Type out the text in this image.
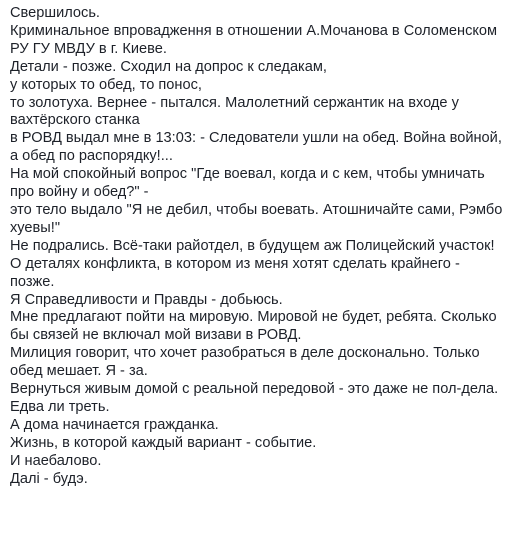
Свершилось.
Криминальное впровадження в отношении А.Мочанова в Соломенском
РУ ГУ МВДУ в г. Киеве.
Детали - позже. Сходил на допрос к следакам,
у которых то обед, то понос,
то золотуха. Вернее - пытался. Малолетний сержантик на входе у
вахтёрского станка
в РОВД выдал мне в 13:03: - Следователи ушли на обед. Война войной,
а обед по распорядку!...
На мой спокойный вопрос "Где воевал, когда и с кем, чтобы умничать
про войну и обед?" -
это тело выдало "Я не дебил, чтобы воевать. Атошничайте сами, Рэмбо
хуевы!"
Не подрались. Всё-таки райотдел, в будущем аж Полицейский участок!
О деталях конфликта, в котором из меня хотят сделать крайнего -
позже.
Я Справедливости и Правды - добьюсь.
Мне предлагают пойти на мировую. Мировой не будет, ребята. Сколько
бы связей не включал мой визави в РОВД.
Милиция говорит, что хочет разобраться в деле досконально. Только
обед мешает. Я - за.
Вернуться живым домой с реальной передовой - это даже не пол-дела.
Едва ли треть.
А дома начинается гражданка.
Жизнь, в которой каждый вариант - событие.
И наебалово.
Далі - будэ.
